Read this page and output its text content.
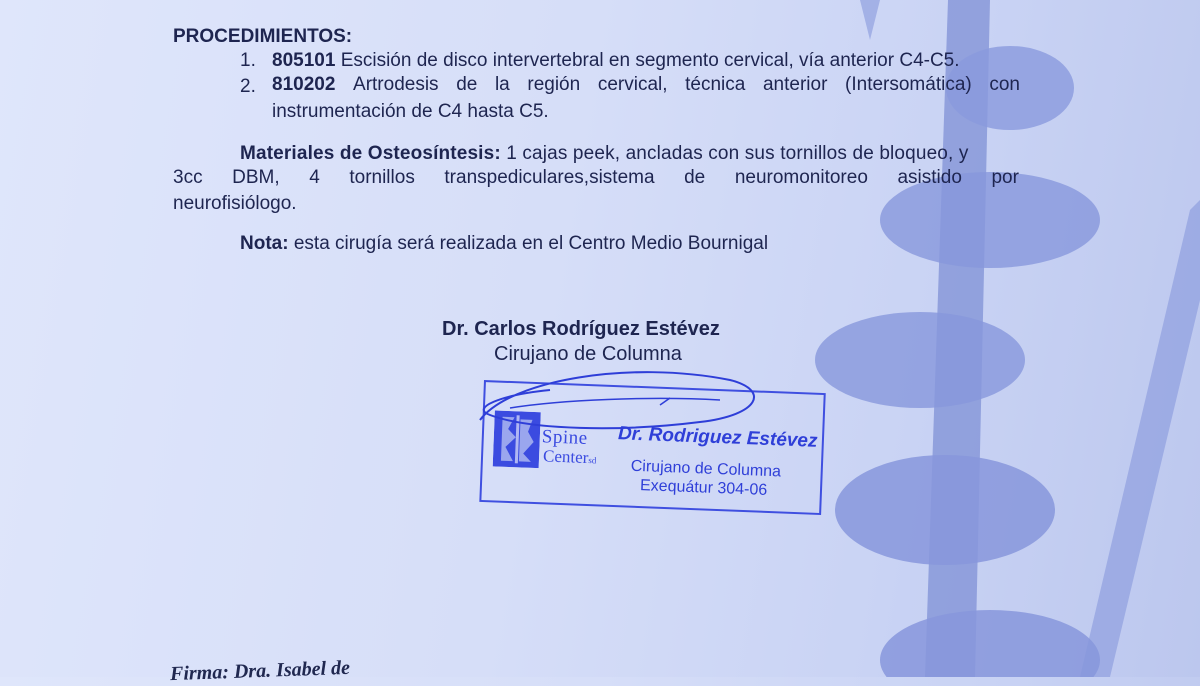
PROCEDIMIENTOS:
1. 805101 Escisión de disco intervertebral en segmento cervical, vía anterior C4-C5.
2. 810202 Artrodesis de la región cervical, técnica anterior (Intersomática) con
instrumentación de C4 hasta C5.
Materiales de Osteosíntesis: 1 cajas peek, ancladas con sus tornillos de bloqueo, y
3cc DBM, 4 tornillos transpediculares,sistema de neuromonitoreo asistido por
neurofisiólogo.
Nota: esta cirugía será realizada en el Centro Medio Bournigal
Dr. Carlos Rodríguez Estévez
Cirujano de Columna
Spine
Centersd
Dr. Rodriguez Estévez
Cirujano de Columna
Exequátur 304-06
Firma: Dra. Isabel de
